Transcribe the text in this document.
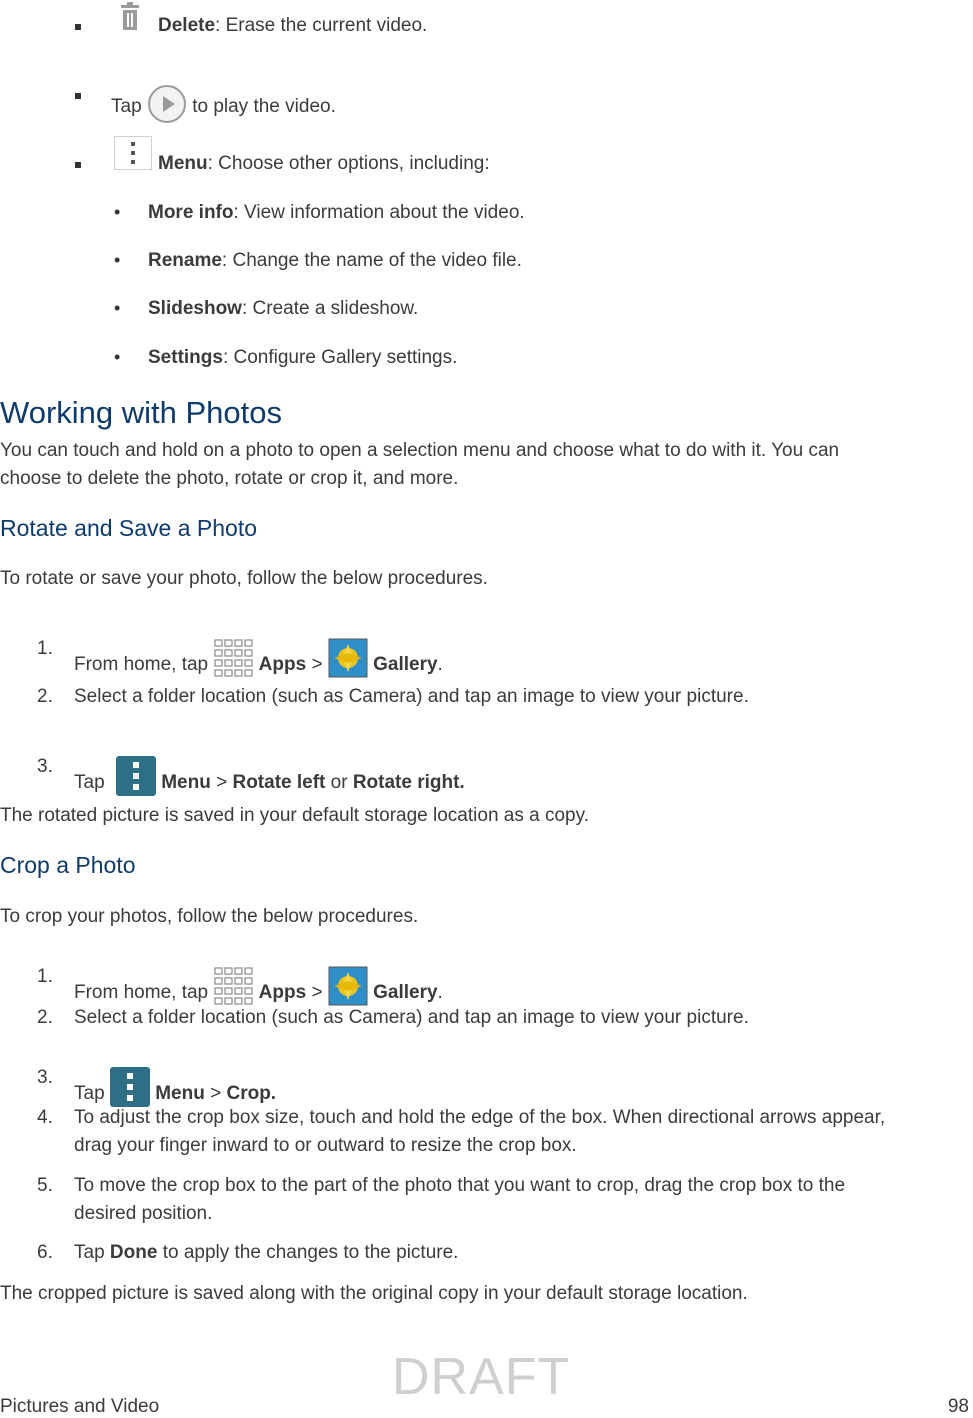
Delete: Erase the current video.
Tap  to play the video.
Menu: Choose other options, including:
• More info: View information about the video.
• Rename: Change the name of the video file.
• Slideshow: Create a slideshow.
• Settings: Configure Gallery settings.
Working with Photos
You can touch and hold on a photo to open a selection menu and choose what to do with it. You can
choose to delete the photo, rotate or crop it, and more.
Rotate and Save a Photo
To rotate or save your photo, follow the below procedures.
1.
From home, tap  Apps >  Gallery.
2. Select a folder location (such as Camera) and tap an image to view your picture.
3.
Tap	Menu > Rotate left or Rotate right.
The rotated picture is saved in your default storage location as a copy.
Crop a Photo
To crop your photos, follow the below procedures.
1.
From home, tap  Apps >  Gallery.
2. Select a folder location (such as Camera) and tap an image to view your picture.
3.
Tap  Menu > Crop.
4. To adjust the crop box size, touch and hold the edge of the box. When directional arrows appear,
drag your finger inward to or outward to resize the crop box.
5. To move the crop box to the part of the photo that you want to crop, drag the crop box to the
desired position.
6. Tap Done to apply the changes to the picture.
The cropped picture is saved along with the original copy in your default storage location.
DRAFT
Pictures and Video	98
